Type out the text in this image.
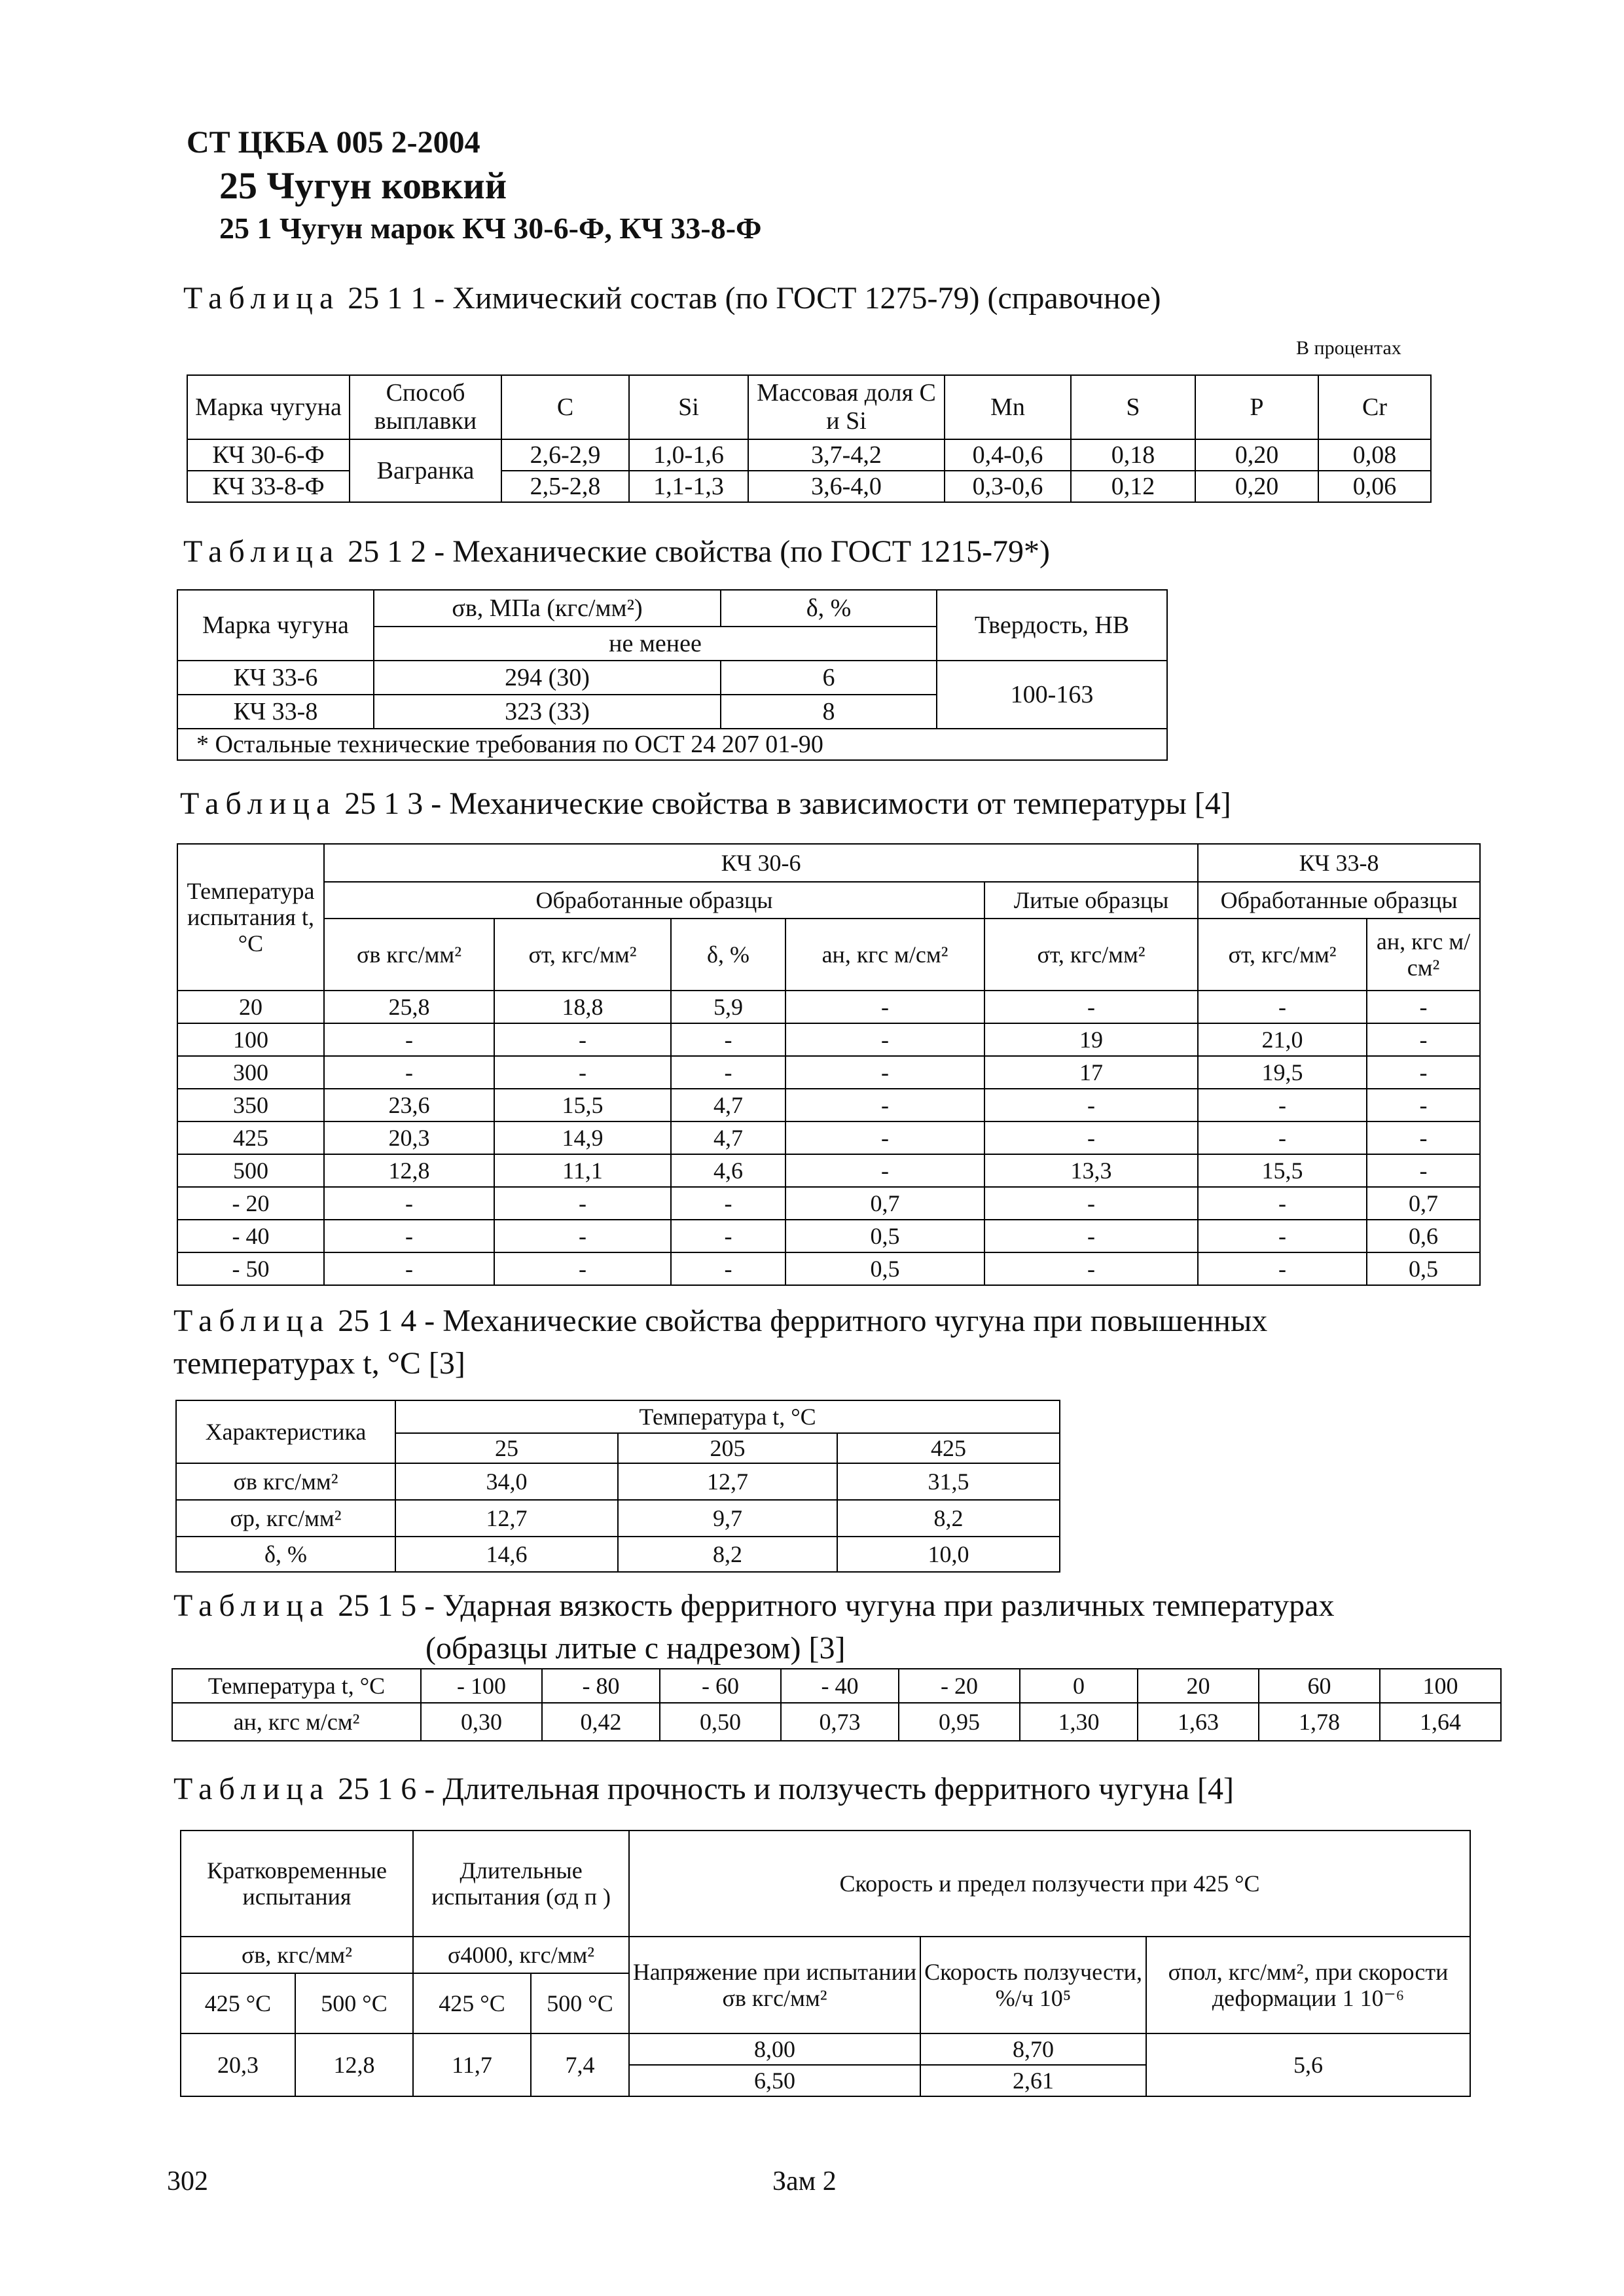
СТ ЦКБА 005 2-2004
25 Чугун ковкий
25 1 Чугун марок КЧ 30-6-Ф, КЧ 33-8-Ф
Таблица 25 1 1 - Химический состав (по ГОСТ 1275-79) (справочное)
В процентах
Марка чугуна	Способ выплавки	С	Si	Массовая доля С и Si	Mn	S	P	Cr
КЧ 30-6-Ф	Вагранка	2,6-2,9	1,0-1,6	3,7-4,2	0,4-0,6	0,18	0,20	0,08
КЧ 33-8-Ф		2,5-2,8	1,1-1,3	3,6-4,0	0,3-0,6	0,12	0,20	0,06
Таблица 25 1 2 - Механические свойства (по ГОСТ 1215-79*)
Марка чугуна	σв, МПа (кгс/мм²)	δ, %	Твердость, НВ
	не менее		
КЧ 33-6	294 (30)	6	100-163
КЧ 33-8	323 (33)	8	
* Остальные технические требования по ОСТ 24 207 01-90			
Таблица 25 1 3 - Механические свойства в зависимости от температуры [4]
Температура испытания t, °С	КЧ 30-6					КЧ 33-8	
	Обработанные образцы				Литые образцы	Обработанные образцы	
	σв кгс/мм²	σт, кгс/мм²	δ, %	ан, кгс м/см²	σт, кгс/мм²	σт, кгс/мм²	ан, кгс м/см²
20	25,8	18,8	5,9	-	-	-	-
100	-	-	-	-	19	21,0	-
300	-	-	-	-	17	19,5	-
350	23,6	15,5	4,7	-	-	-	-
425	20,3	14,9	4,7	-	-	-	-
500	12,8	11,1	4,6	-	13,3	15,5	-
- 20	-	-	-	0,7	-	-	0,7
- 40	-	-	-	0,5	-	-	0,6
- 50	-	-	-	0,5	-	-	0,5
Таблица 25 1 4 - Механические свойства ферритного чугуна при повышенных
температурах t, °С [3]
Характеристика	Температура t, °С		
	25	205	425
σв кгс/мм²	34,0	12,7	31,5
σр, кгс/мм²	12,7	9,7	8,2
δ, %	14,6	8,2	10,0
Таблица 25 1 5 - Ударная вязкость ферритного чугуна при различных температурах
(образцы литые с надрезом) [3]
Температура t, °С	- 100	- 80	- 60	- 40	- 20	0	20	60	100
ан, кгс м/см²	0,30	0,42	0,50	0,73	0,95	1,30	1,63	1,78	1,64
Таблица 25 1 6 - Длительная прочность и ползучесть ферритного чугуна [4]
Кратковременные испытания		Длительные испытания (σд п )		Скорость и предел ползучести при 425 °С		
σв, кгс/мм²		σ4000, кгс/мм²		Напряжение при испытании σв кгс/мм²	Скорость ползучести, %/ч 10⁵	σпол, кгс/мм², при скорости деформации 1 10⁻⁶
425 °С	500 °С	425 °С	500 °С			
20,3	12,8	11,7	7,4	8,00	8,70	5,6
				6,50	2,61	
302	Зам 2
